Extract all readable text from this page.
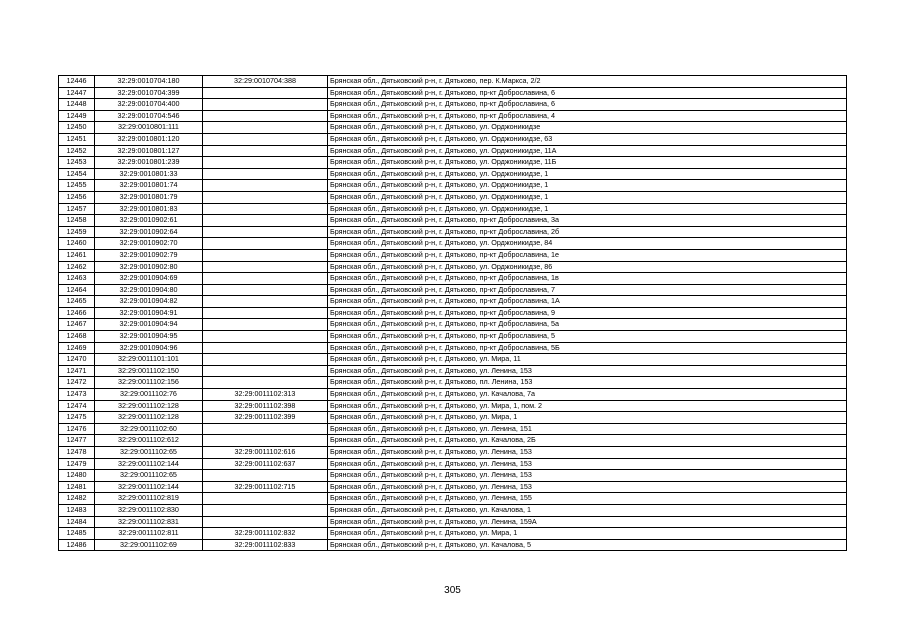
12446	32:29:0010704:180	32:29:0010704:388	Брянская обл., Дятьковский р-н, г. Дятьково, пер. К.Маркса, 2/2
12447	32:29:0010704:399		Брянская обл., Дятьковский р-н, г. Дятьково, пр-кт Доброславина, 6
12448	32:29:0010704:400		Брянская обл., Дятьковский р-н, г. Дятьково, пр-кт Доброславина, 6
12449	32:29:0010704:546		Брянская обл., Дятьковский р-н, г. Дятьково, пр-кт Доброславина, 4
12450	32:29:0010801:111		Брянская обл., Дятьковский р-н, г. Дятьково, ул. Орджоникидзе
12451	32:29:0010801:120		Брянская обл., Дятьковский р-н, г. Дятьково, ул. Орджоникидзе, 63
12452	32:29:0010801:127		Брянская обл., Дятьковский р-н, г. Дятьково, ул. Орджоникидзе, 11А
12453	32:29:0010801:239		Брянская обл., Дятьковский р-н, г. Дятьково, ул. Орджоникидзе, 11Б
12454	32:29:0010801:33		Брянская обл., Дятьковский р-н, г. Дятьково, ул. Орджоникидзе, 1
12455	32:29:0010801:74		Брянская обл., Дятьковский р-н, г. Дятьково, ул. Орджоникидзе, 1
12456	32:29:0010801:79		Брянская обл., Дятьковский р-н, г. Дятьково, ул. Орджоникидзе, 1
12457	32:29:0010801:83		Брянская обл., Дятьковский р-н, г. Дятьково, ул. Орджоникидзе, 1
12458	32:29:0010902:61		Брянская обл., Дятьковский р-н, г. Дятьково, пр-кт Доброславина, 3а
12459	32:29:0010902:64		Брянская обл., Дятьковский р-н, г. Дятьково, пр-кт Доброславина, 2б
12460	32:29:0010902:70		Брянская обл., Дятьковский р-н, г. Дятьково, ул. Орджоникидзе, 84
12461	32:29:0010902:79		Брянская обл., Дятьковский р-н, г. Дятьково, пр-кт Доброславина, 1е
12462	32:29:0010902:80		Брянская обл., Дятьковский р-н, г. Дятьково, ул. Орджоникидзе, 86
12463	32:29:0010904:69		Брянская обл., Дятьковский р-н, г. Дятьково, пр-кт Доброславина, 1в
12464	32:29:0010904:80		Брянская обл., Дятьковский р-н, г. Дятьково, пр-кт Доброславина, 7
12465	32:29:0010904:82		Брянская обл., Дятьковский р-н, г. Дятьково, пр-кт Доброславина, 1А
12466	32:29:0010904:91		Брянская обл., Дятьковский р-н, г. Дятьково, пр-кт Доброславина, 9
12467	32:29:0010904:94		Брянская обл., Дятьковский р-н, г. Дятьково, пр-кт Доброславина, 5а
12468	32:29:0010904:95		Брянская обл., Дятьковский р-н, г. Дятьково, пр-кт Доброславина, 5
12469	32:29:0010904:96		Брянская обл., Дятьковский р-н, г. Дятьково, пр-кт Доброславина, 5Б
12470	32:29:0011101:101		Брянская обл., Дятьковский р-н, г. Дятьково, ул. Мира, 11
12471	32:29:0011102:150		Брянская обл., Дятьковский р-н, г. Дятьково, ул. Ленина, 153
12472	32:29:0011102:156		Брянская обл., Дятьковский р-н, г. Дятьково, пл. Ленина, 153
12473	32:29:0011102:76	32:29:0011102:313	Брянская обл., Дятьковский р-н, г. Дятьково, ул. Качалова, 7а
12474	32:29:0011102:128	32:29:0011102:398	Брянская обл., Дятьковский р-н, г. Дятьково, ул. Мира, 1, пом. 2
12475	32:29:0011102:128	32:29:0011102:399	Брянская обл., Дятьковский р-н, г. Дятьково, ул. Мира, 1
12476	32:29:0011102:60		Брянская обл., Дятьковский р-н, г. Дятьково, ул. Ленина, 151
12477	32:29:0011102:612		Брянская обл., Дятьковский р-н, г. Дятьково, ул. Качалова, 2Б
12478	32:29:0011102:65	32:29:0011102:616	Брянская обл., Дятьковский р-н, г. Дятьково, ул. Ленина, 153
12479	32:29:0011102:144	32:29:0011102:637	Брянская обл., Дятьковский р-н, г. Дятьково, ул. Ленина, 153
12480	32:29:0011102:65		Брянская обл., Дятьковский р-н, г. Дятьково, ул. Ленина, 153
12481	32:29:0011102:144	32:29:0011102:715	Брянская обл., Дятьковский р-н, г. Дятьково, ул. Ленина, 153
12482	32:29:0011102:819		Брянская обл., Дятьковский р-н, г. Дятьково, ул. Ленина, 155
12483	32:29:0011102:830		Брянская обл., Дятьковский р-н, г. Дятьково, ул. Качалова, 1
12484	32:29:0011102:831		Брянская обл., Дятьковский р-н, г. Дятьково, ул. Ленина, 159А
12485	32:29:0011102:811	32:29:0011102:832	Брянская обл., Дятьковский р-н, г. Дятьково, ул. Мира, 1
12486	32:29:0011102:69	32:29:0011102:833	Брянская обл., Дятьковский р-н, г. Дятьково, ул. Качалова, 5
305
